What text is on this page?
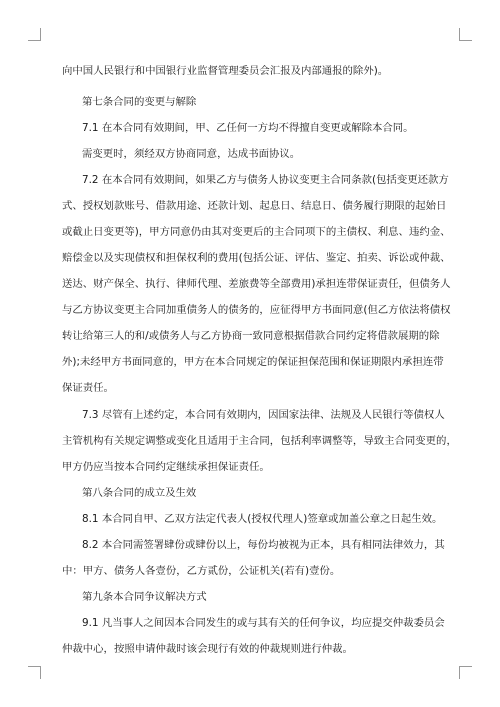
向中国人民银行和中国银行业监督管理委员会汇报及内部通报的除外)。
第七条合同的变更与解除
7.1 在本合同有效期间，甲、乙任何一方均不得擅自变更或解除本合同。
需变更时，须经双方协商同意，达成书面协议。
7.2 在本合同有效期间，如果乙方与债务人协议变更主合同条款(包括变更还款方
式、授权划款账号、借款用途、还款计划、起息日、结息日、债务履行期限的起始日
或截止日变更等)，甲方同意仍由其对变更后的主合同项下的主债权、利息、违约金、
赔偿金以及实现债权和担保权利的费用(包括公证、评估、鉴定、拍卖、诉讼或仲裁、
送达、财产保全、执行、律师代理、差旅费等全部费用)承担连带保证责任，但债务人
与乙方协议变更主合同加重债务人的债务的，应征得甲方书面同意(但乙方依法将债权
转让给第三人的和/或债务人与乙方协商一致同意根据借款合同约定将借款展期的除
外);未经甲方书面同意的，甲方在本合同规定的保证担保范围和保证期限内承担连带
保证责任。
7.3 尽管有上述约定，本合同有效期内，因国家法律、法规及人民银行等债权人
主管机构有关规定调整或变化且适用于主合同，包括利率调整等，导致主合同变更的，
甲方仍应当按本合同约定继续承担保证责任。
第八条合同的成立及生效
8.1 本合同自甲、乙双方法定代表人(授权代理人)签章或加盖公章之日起生效。
8.2 本合同需签署肆份或肆份以上，每份均被视为正本，具有相同法律效力，其
中：甲方、债务人各壹份，乙方贰份，公证机关(若有)壹份。
第九条本合同争议解决方式
9.1 凡当事人之间因本合同发生的或与其有关的任何争议，均应提交仲裁委员会
仲裁中心，按照申请仲裁时该会现行有效的仲裁规则进行仲裁。
